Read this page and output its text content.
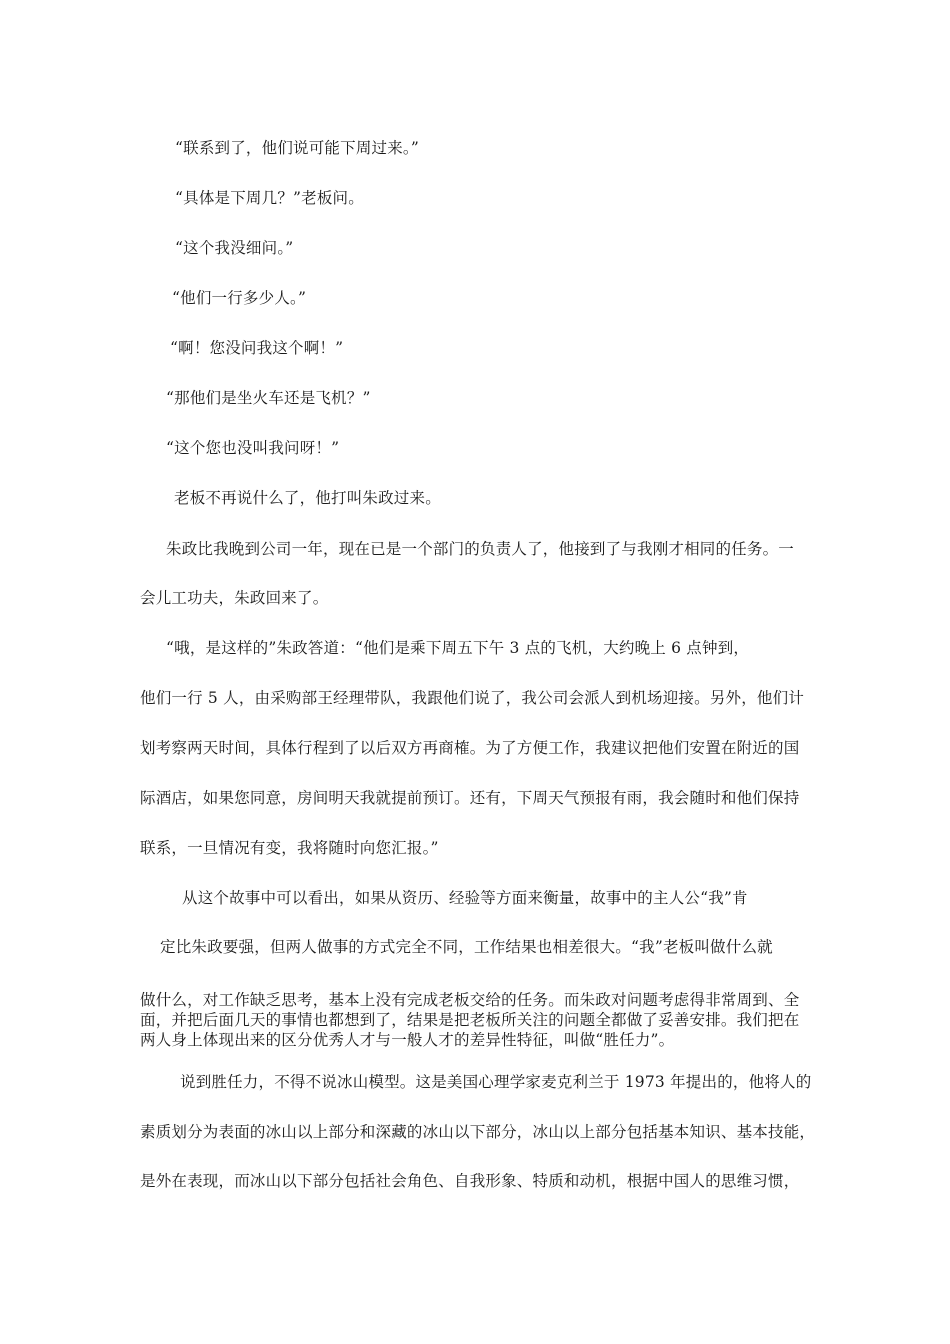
“联系到了，他们说可能下周过来。”
“具体是下周几？”老板问。
“这个我没细问。”
“他们一行多少人。”
“啊！您没问我这个啊！”
“那他们是坐火车还是飞机？”
“这个您也没叫我问呀！”
老板不再说什么了，他打叫朱政过来。
朱政比我晚到公司一年，现在已是一个部门的负责人了，他接到了与我刚才相同的任务。一
会儿工功夫，朱政回来了。
“哦，是这样的”朱政答道：“他们是乘下周五下午 3 点的飞机，大约晚上 6 点钟到，
他们一行 5 人，由采购部王经理带队，我跟他们说了，我公司会派人到机场迎接。另外，他们计
划考察两天时间，具体行程到了以后双方再商榷。为了方便工作，我建议把他们安置在附近的国
际酒店，如果您同意，房间明天我就提前预订。还有，下周天气预报有雨，我会随时和他们保持
联系，一旦情况有变，我将随时向您汇报。”
从这个故事中可以看出，如果从资历、经验等方面来衡量，故事中的主人公“我”肯
定比朱政要强，但两人做事的方式完全不同，工作结果也相差很大。“我”老板叫做什么就
做什么，对工作缺乏思考，基本上没有完成老板交给的任务。而朱政对问题考虑得非常周到、全
面，并把后面几天的事情也都想到了，结果是把老板所关注的问题全都做了妥善安排。我们把在
两人身上体现出来的区分优秀人才与一般人才的差异性特征，叫做“胜任力”。
说到胜任力，不得不说冰山模型。这是美国心理学家麦克利兰于 1973 年提出的，他将人的
素质划分为表面的冰山以上部分和深藏的冰山以下部分，冰山以上部分包括基本知识、基本技能，
是外在表现，而冰山以下部分包括社会角色、自我形象、特质和动机，根据中国人的思维习惯，
